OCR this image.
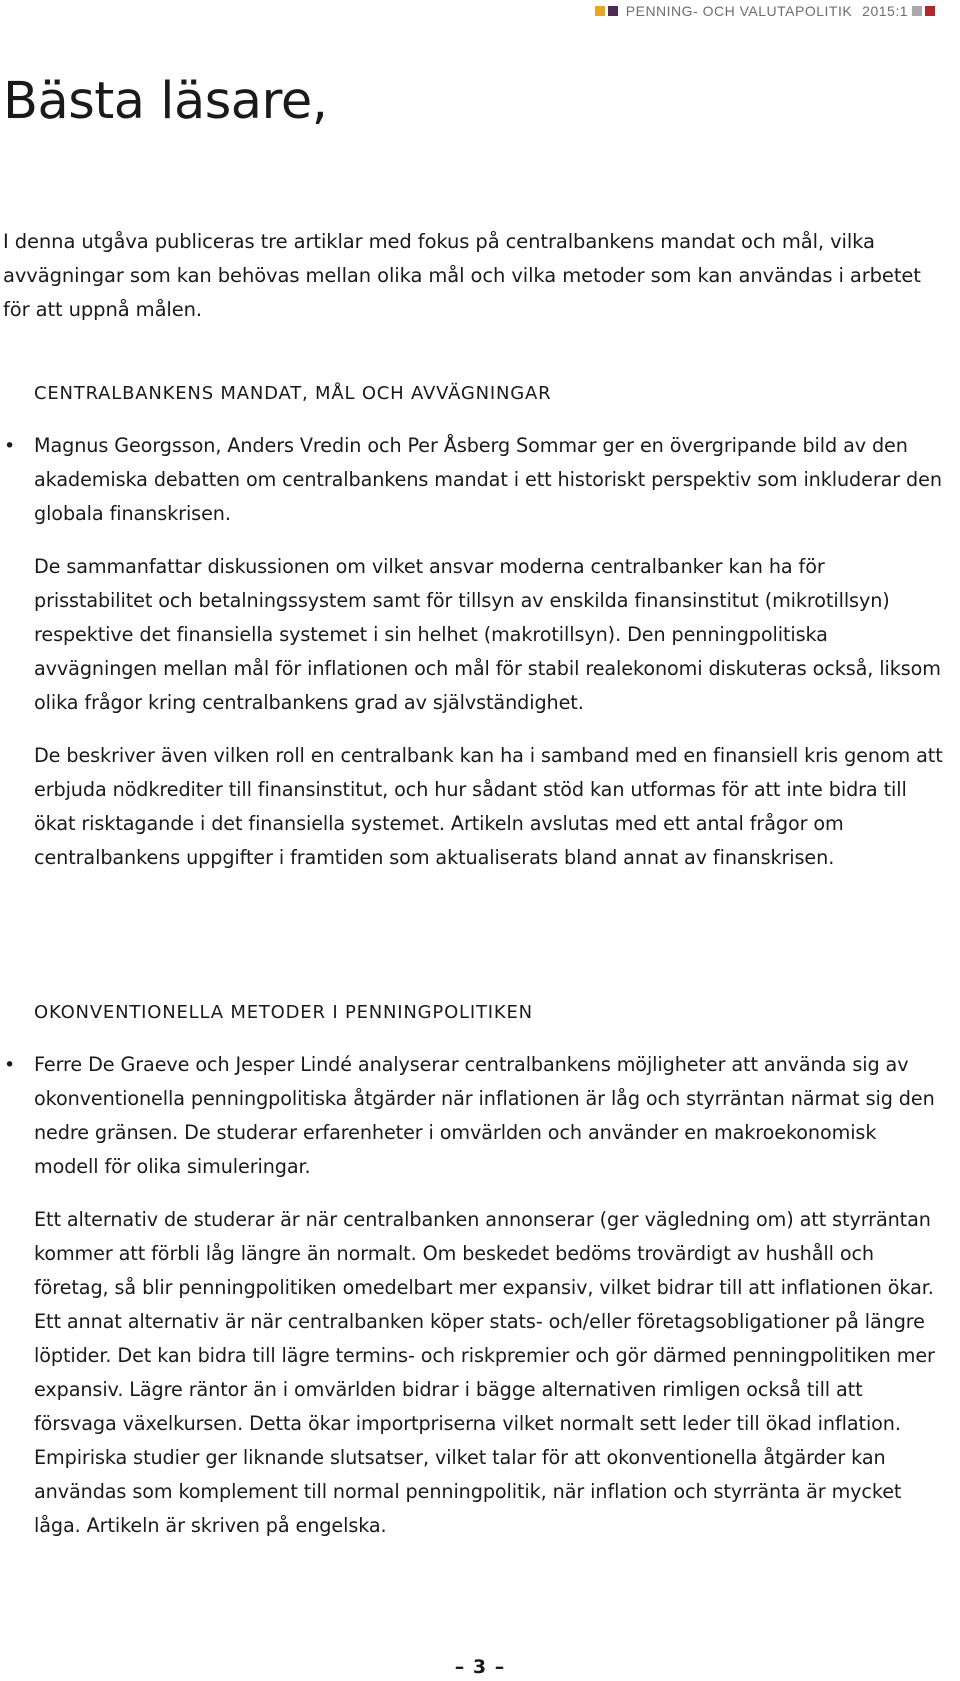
PENNING- OCH VALUTAPOLITIK 2015:1
Bästa läsare,

I denna utgåva publiceras tre artiklar med fokus på centralbankens mandat och mål, vilka avvägningar som kan behövas mellan olika mål och vilka metoder som kan användas i arbetet för att uppnå målen.

CENTRALBANKENS MANDAT, MÅL OCH AVVÄGNINGAR
• Magnus Georgsson, Anders Vredin och Per Åsberg Sommar ger en övergripande bild av den akademiska debatten om centralbankens mandat i ett historiskt perspektiv som inkluderar den globala finanskrisen.

De sammanfattar diskussionen om vilket ansvar moderna centralbanker kan ha för prisstabilitet och betalningssystem samt för tillsyn av enskilda finansinstitut (mikrotillsyn) respektive det finansiella systemet i sin helhet (makrotillsyn). Den penningpolitiska avvägningen mellan mål för inflationen och mål för stabil realekonomi diskuteras också, liksom olika frågor kring centralbankens grad av självständighet.

De beskriver även vilken roll en centralbank kan ha i samband med en finansiell kris genom att erbjuda nödkrediter till finansinstitut, och hur sådant stöd kan utformas för att inte bidra till ökat risktagande i det finansiella systemet. Artikeln avslutas med ett antal frågor om centralbankens uppgifter i framtiden som aktualiserats bland annat av finanskrisen.

OKONVENTIONELLA METODER I PENNINGPOLITIKEN
• Ferre De Graeve och Jesper Lindé analyserar centralbankens möjligheter att använda sig av okonventionella penningpolitiska åtgärder när inflationen är låg och styrräntan närmat sig den nedre gränsen. De studerar erfarenheter i omvärlden och använder en makroekonomisk modell för olika simuleringar.

Ett alternativ de studerar är när centralbanken annonserar (ger vägledning om) att styrräntan kommer att förbli låg längre än normalt. Om beskedet bedöms trovärdigt av hushåll och företag, så blir penningpolitiken omedelbart mer expansiv, vilket bidrar till att inflationen ökar. Ett annat alternativ är när centralbanken köper stats- och/eller företagsobligationer på längre löptider. Det kan bidra till lägre termins- och riskpremier och gör därmed penningpolitiken mer expansiv. Lägre räntor än i omvärlden bidrar i bägge alternativen rimligen också till att försvaga växelkursen. Detta ökar importpriserna vilket normalt sett leder till ökad inflation. Empiriska studier ger liknande slutsatser, vilket talar för att okonventionella åtgärder kan användas som komplement till normal penningpolitik, när inflation och styrränta är mycket låga. Artikeln är skriven på engelska.

– 3 –
